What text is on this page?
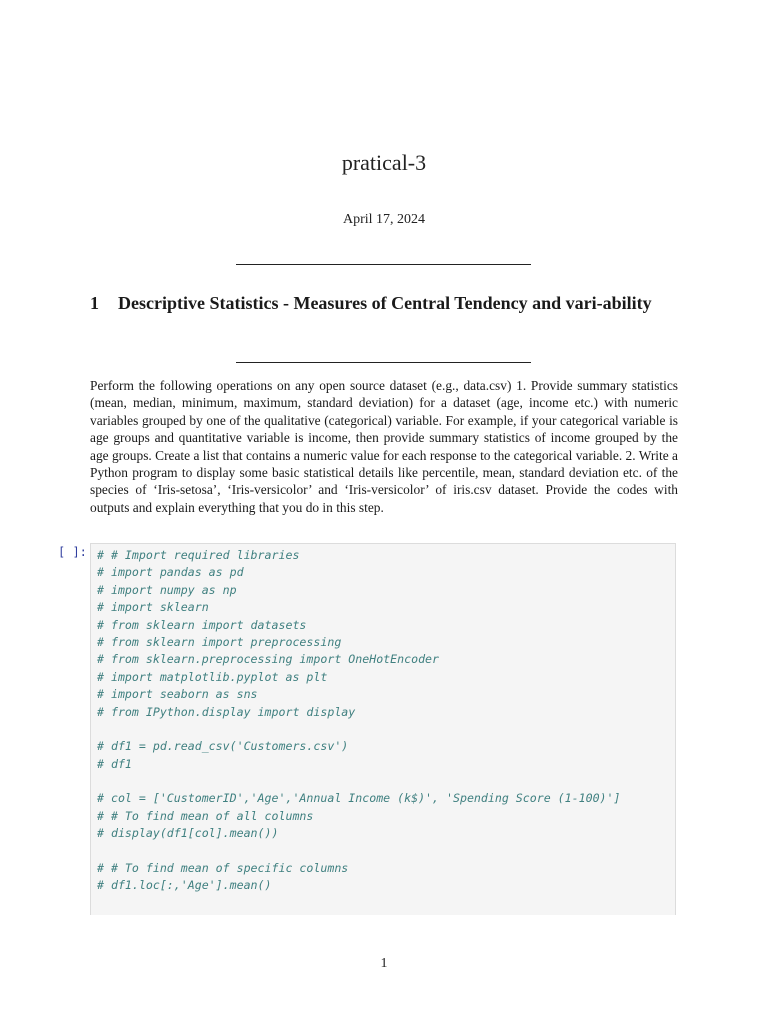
pratical-3
April 17, 2024
1 Descriptive Statistics - Measures of Central Tendency and vari-ability
Perform the following operations on any open source dataset (e.g., data.csv) 1. Provide summary statistics (mean, median, minimum, maximum, standard deviation) for a dataset (age, income etc.) with numeric variables grouped by one of the qualitative (categorical) variable. For example, if your categorical variable is age groups and quantitative variable is income, then provide summary statistics of income grouped by the age groups. Create a list that contains a numeric value for each response to the categorical variable. 2. Write a Python program to display some basic statistical details like percentile, mean, standard deviation etc. of the species of ‘Iris-setosa’, ‘Iris-versicolor’ and ‘Iris-versicolor’ of iris.csv dataset. Provide the codes with outputs and explain everything that you do in this step.
[ ]: # # Import required libraries
# import pandas as pd
# import numpy as np
# import sklearn
# from sklearn import datasets
# from sklearn import preprocessing
# from sklearn.preprocessing import OneHotEncoder
# import matplotlib.pyplot as plt
# import seaborn as sns
# from IPython.display import display
# df1 = pd.read_csv('Customers.csv')
# df1
# col = ['CustomerID','Age','Annual Income (k$)', 'Spending Score (1-100)']
# # To find mean of all columns
# display(df1[col].mean())
# # To find mean of specific columns
# df1.loc[:,'Age'].mean()
1
